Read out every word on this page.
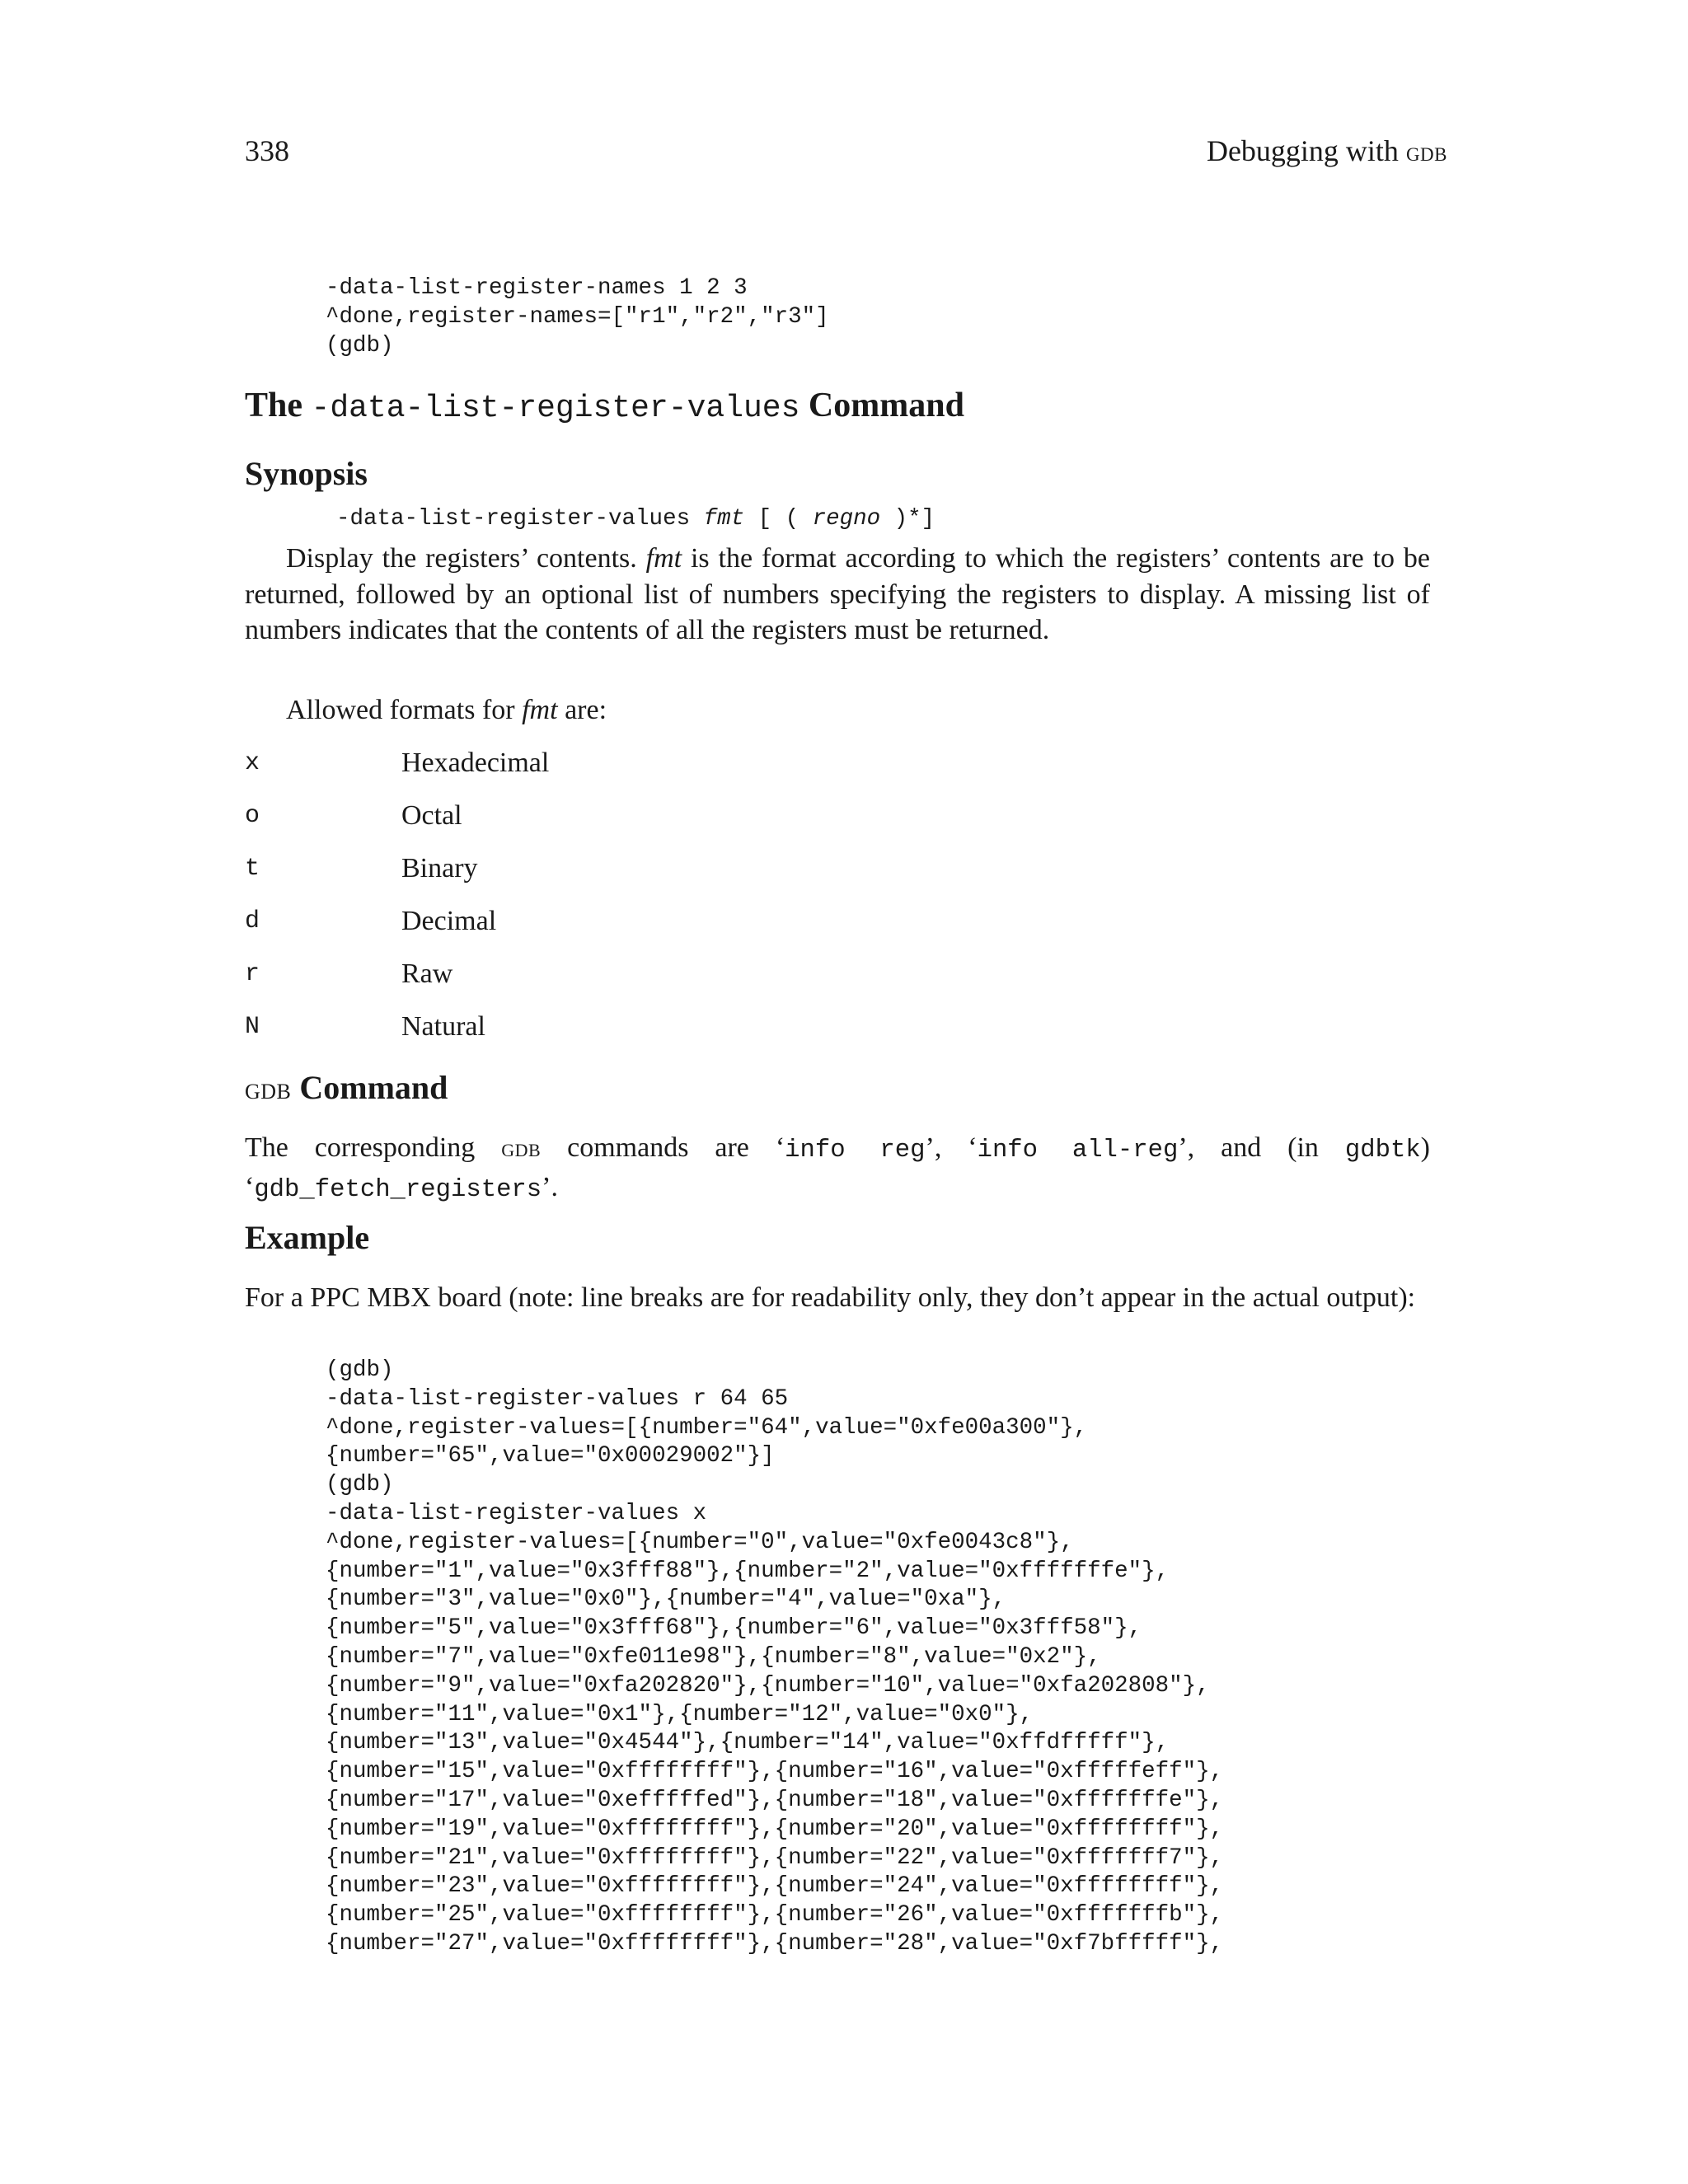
338	Debugging with gdb
-data-list-register-names 1 2 3
^done,register-names=["r1","r2","r3"]
(gdb)
The -data-list-register-values Command
Synopsis
-data-list-register-values fmt [ ( regno )*]

Display the registers’ contents. fmt is the format according to which the registers’ contents are to be returned, followed by an optional list of numbers specifying the registers to display. A missing list of numbers indicates that the contents of all the registers must be returned.

Allowed formats for fmt are:

x	Hexadecimal
o	Octal
t	Binary
d	Decimal
r	Raw
N	Natural
gdb Command

The corresponding gdb commands are ‘info reg’, ‘info all-reg’, and (in gdbtk) ‘gdb_fetch_registers’.

Example

For a PPC MBX board (note: line breaks are for readability only, they don’t appear in the actual output):

(gdb)
-data-list-register-values r 64 65
^done,register-values=[{number="64",value="0xfe00a300"},
{number="65",value="0x00029002"}]
(gdb)
-data-list-register-values x
^done,register-values=[{number="0",value="0xfe0043c8"},
{number="1",value="0x3fff88"},{number="2",value="0xfffffffe"},
{number="3",value="0x0"},{number="4",value="0xa"},
{number="5",value="0x3fff68"},{number="6",value="0x3fff58"},
{number="7",value="0xfe011e98"},{number="8",value="0x2"},
{number="9",value="0xfa202820"},{number="10",value="0xfa202808"},
{number="11",value="0x1"},{number="12",value="0x0"},
{number="13",value="0x4544"},{number="14",value="0xffdfffff"},
{number="15",value="0xffffffff"},{number="16",value="0xfffffeff"},
{number="17",value="0xefffffed"},{number="18",value="0xfffffffe"},
{number="19",value="0xffffffff"},{number="20",value="0xffffffff"},
{number="21",value="0xffffffff"},{number="22",value="0xfffffff7"},
{number="23",value="0xffffffff"},{number="24",value="0xffffffff"},
{number="25",value="0xffffffff"},{number="26",value="0xfffffffb"},
{number="27",value="0xffffffff"},{number="28",value="0xf7bfffff"},
